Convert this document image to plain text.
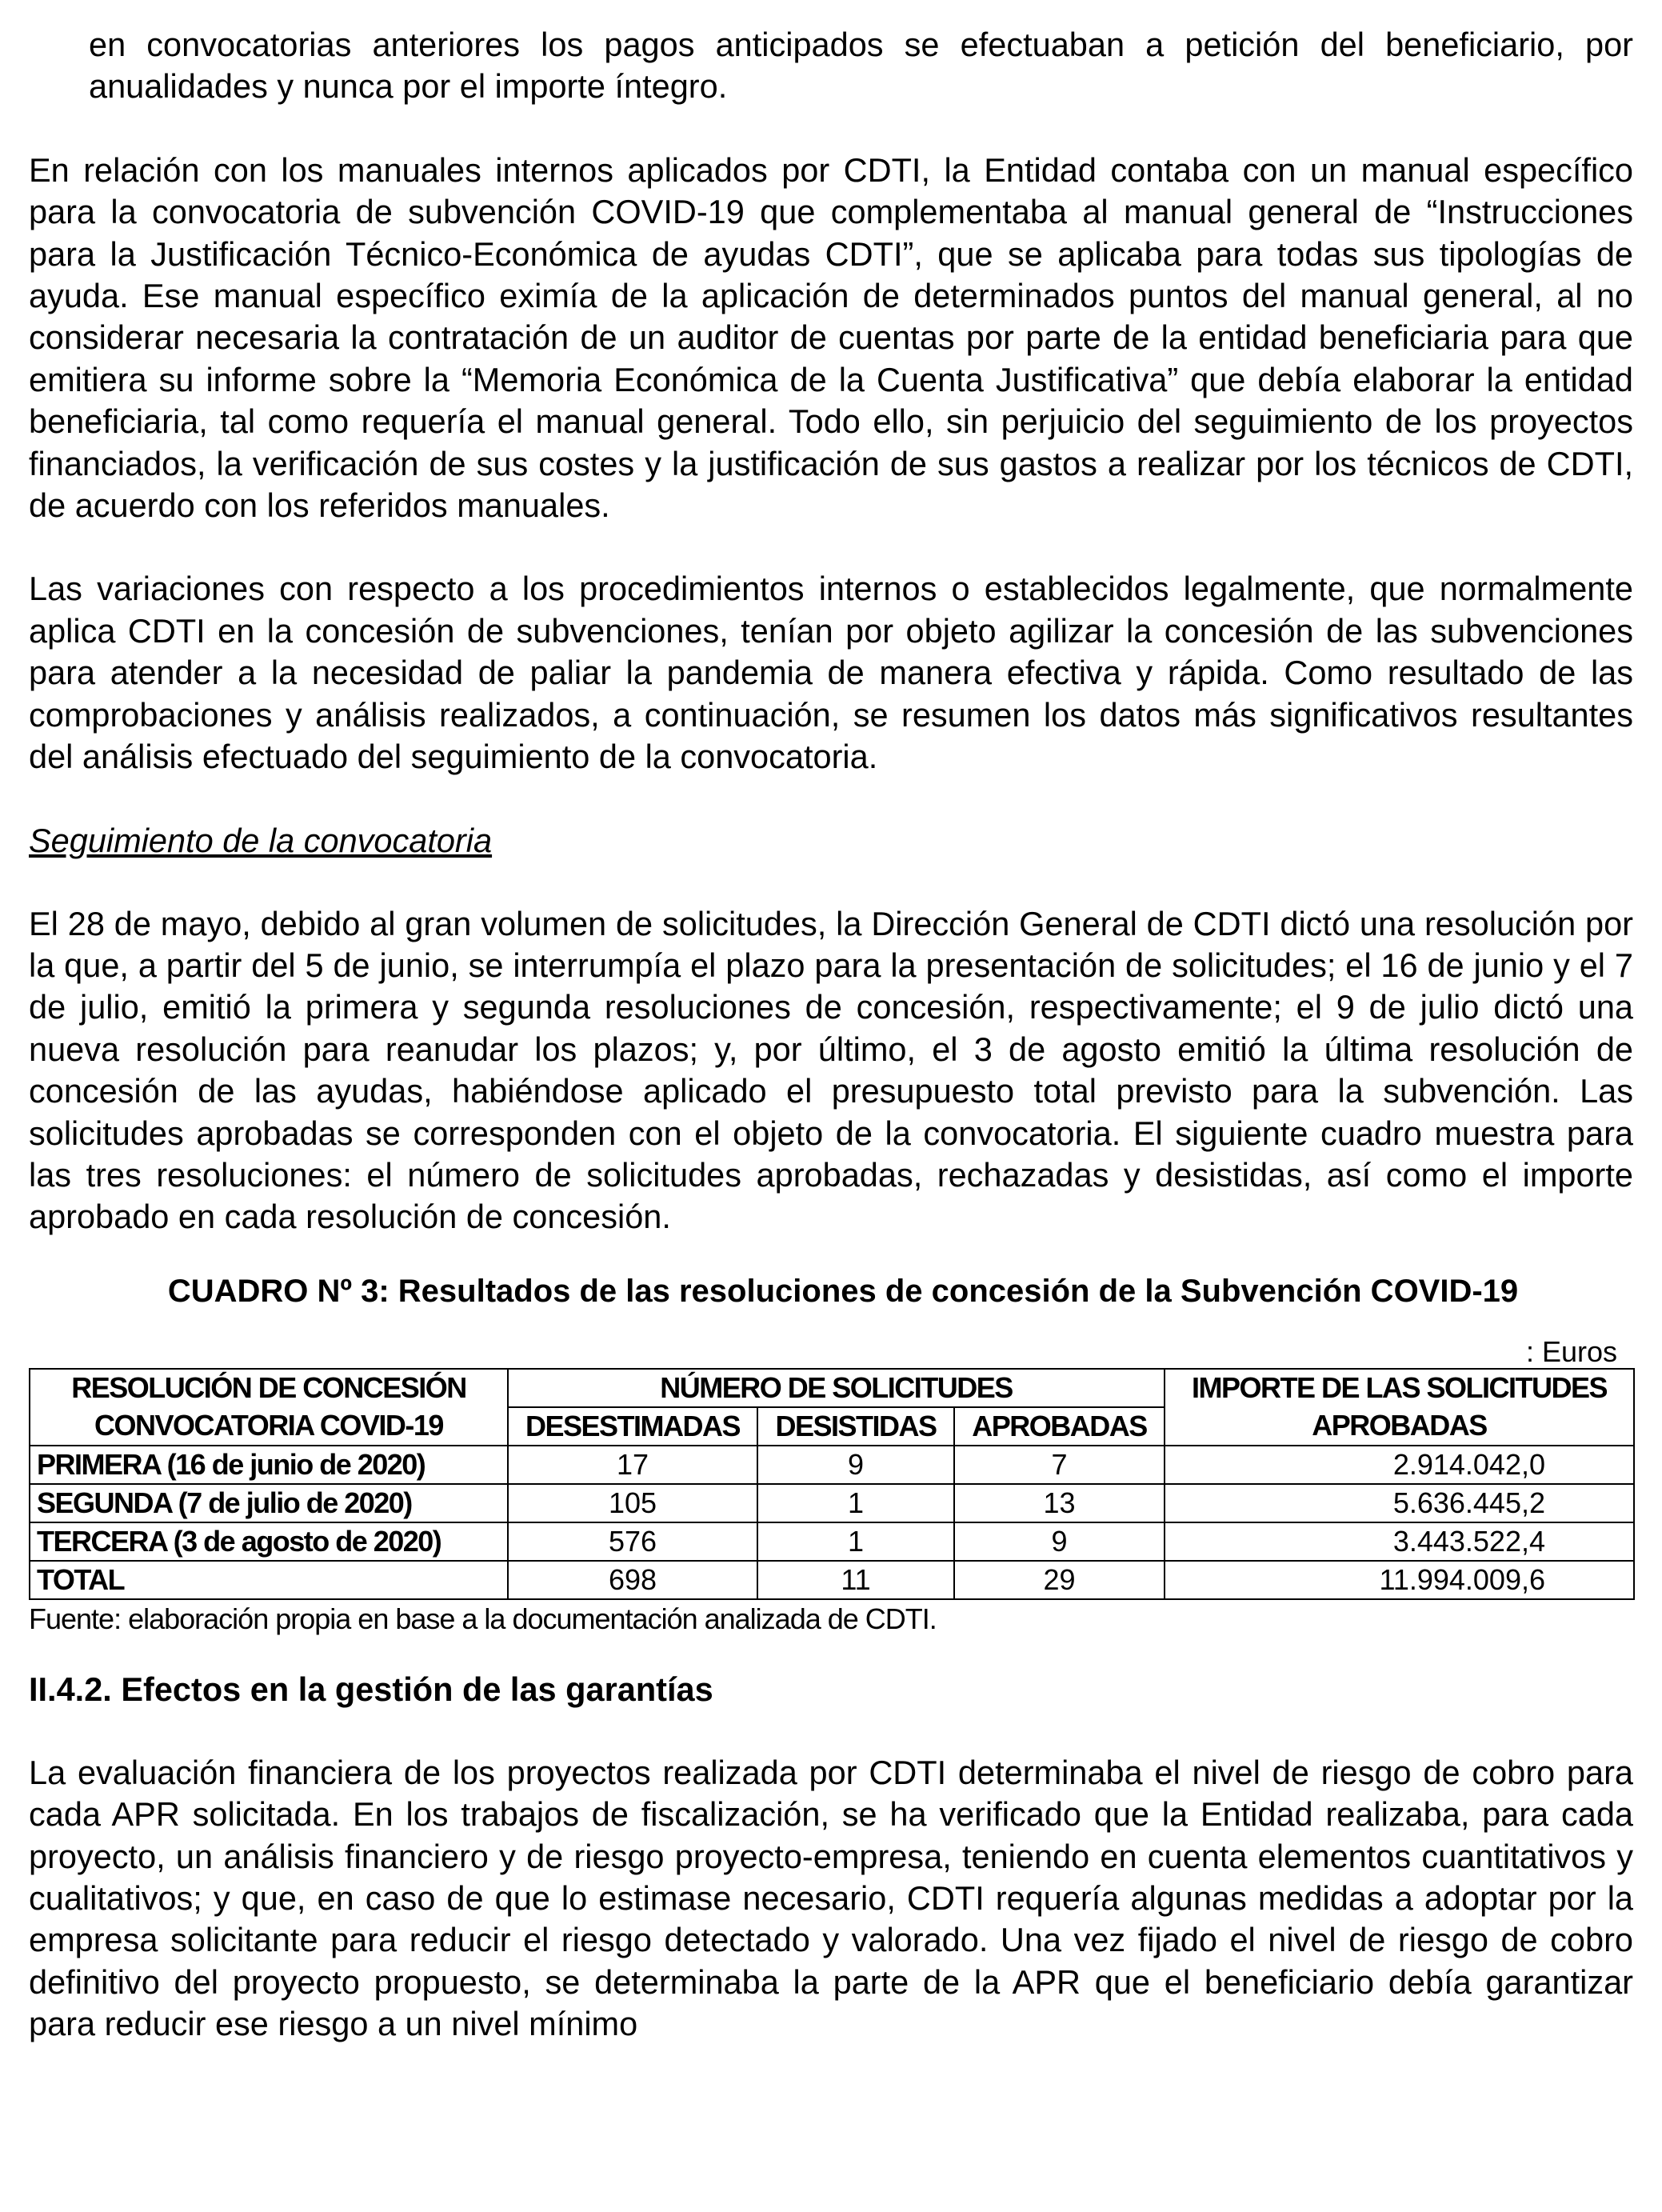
en convocatorias anteriores los pagos anticipados se efectuaban a petición del beneficiario, por anualidades y nunca por el importe íntegro.

En relación con los manuales internos aplicados por CDTI, la Entidad contaba con un manual específico para la convocatoria de subvención COVID-19 que complementaba al manual general de “Instrucciones para la Justificación Técnico-Económica de ayudas CDTI”, que se aplicaba para todas sus tipologías de ayuda. Ese manual específico eximía de la aplicación de determinados puntos del manual general, al no considerar necesaria la contratación de un auditor de cuentas por parte de la entidad beneficiaria para que emitiera su informe sobre la “Memoria Económica de la Cuenta Justificativa” que debía elaborar la entidad beneficiaria, tal como requería el manual general. Todo ello, sin perjuicio del seguimiento de los proyectos financiados, la verificación de sus costes y la justificación de sus gastos a realizar por los técnicos de CDTI, de acuerdo con los referidos manuales.

Las variaciones con respecto a los procedimientos internos o establecidos legalmente, que normalmente aplica CDTI en la concesión de subvenciones, tenían por objeto agilizar la concesión de las subvenciones para atender a la necesidad de paliar la pandemia de manera efectiva y rápida. Como resultado de las comprobaciones y análisis realizados, a continuación, se resumen los datos más significativos resultantes del análisis efectuado del seguimiento de la convocatoria.

Seguimiento de la convocatoria

El 28 de mayo, debido al gran volumen de solicitudes, la Dirección General de CDTI dictó una resolución por la que, a partir del 5 de junio, se interrumpía el plazo para la presentación de solicitudes; el 16 de junio y el 7 de julio, emitió la primera y segunda resoluciones de concesión, respectivamente; el 9 de julio dictó una nueva resolución para reanudar los plazos; y, por último, el 3 de agosto emitió la última resolución de concesión de las ayudas, habiéndose aplicado el presupuesto total previsto para la subvención. Las solicitudes aprobadas se corresponden con el objeto de la convocatoria. El siguiente cuadro muestra para las tres resoluciones: el número de solicitudes aprobadas, rechazadas y desistidas, así como el importe aprobado en cada resolución de concesión.

CUADRO Nº 3: Resultados de las resoluciones de concesión de la Subvención COVID-19

: Euros
RESOLUCIÓN DE CONCESIÓN	NÚMERO DE SOLICITUDES			IMPORTE DE LAS SOLICITUDES
CONVOCATORIA COVID-19	DESESTIMADAS	DESISTIDAS	APROBADAS	APROBADAS
PRIMERA (16 de junio de 2020)	17	9	7	2.914.042,0
SEGUNDA (7 de julio de 2020)	105	1	13	5.636.445,2
TERCERA (3 de agosto de 2020)	576	1	9	3.443.522,4
TOTAL	698	11	29	11.994.009,6
Fuente: elaboración propia en base a la documentación analizada de CDTI.

II.4.2. Efectos en la gestión de las garantías

La evaluación financiera de los proyectos realizada por CDTI determinaba el nivel de riesgo de cobro para cada APR solicitada. En los trabajos de fiscalización, se ha verificado que la Entidad realizaba, para cada proyecto, un análisis financiero y de riesgo proyecto-empresa, teniendo en cuenta elementos cuantitativos y cualitativos; y que, en caso de que lo estimase necesario, CDTI requería algunas medidas a adoptar por la empresa solicitante para reducir el riesgo detectado y valorado. Una vez fijado el nivel de riesgo de cobro definitivo del proyecto propuesto, se determinaba la parte de la APR que el beneficiario debía garantizar para reducir ese riesgo a un nivel mínimo
